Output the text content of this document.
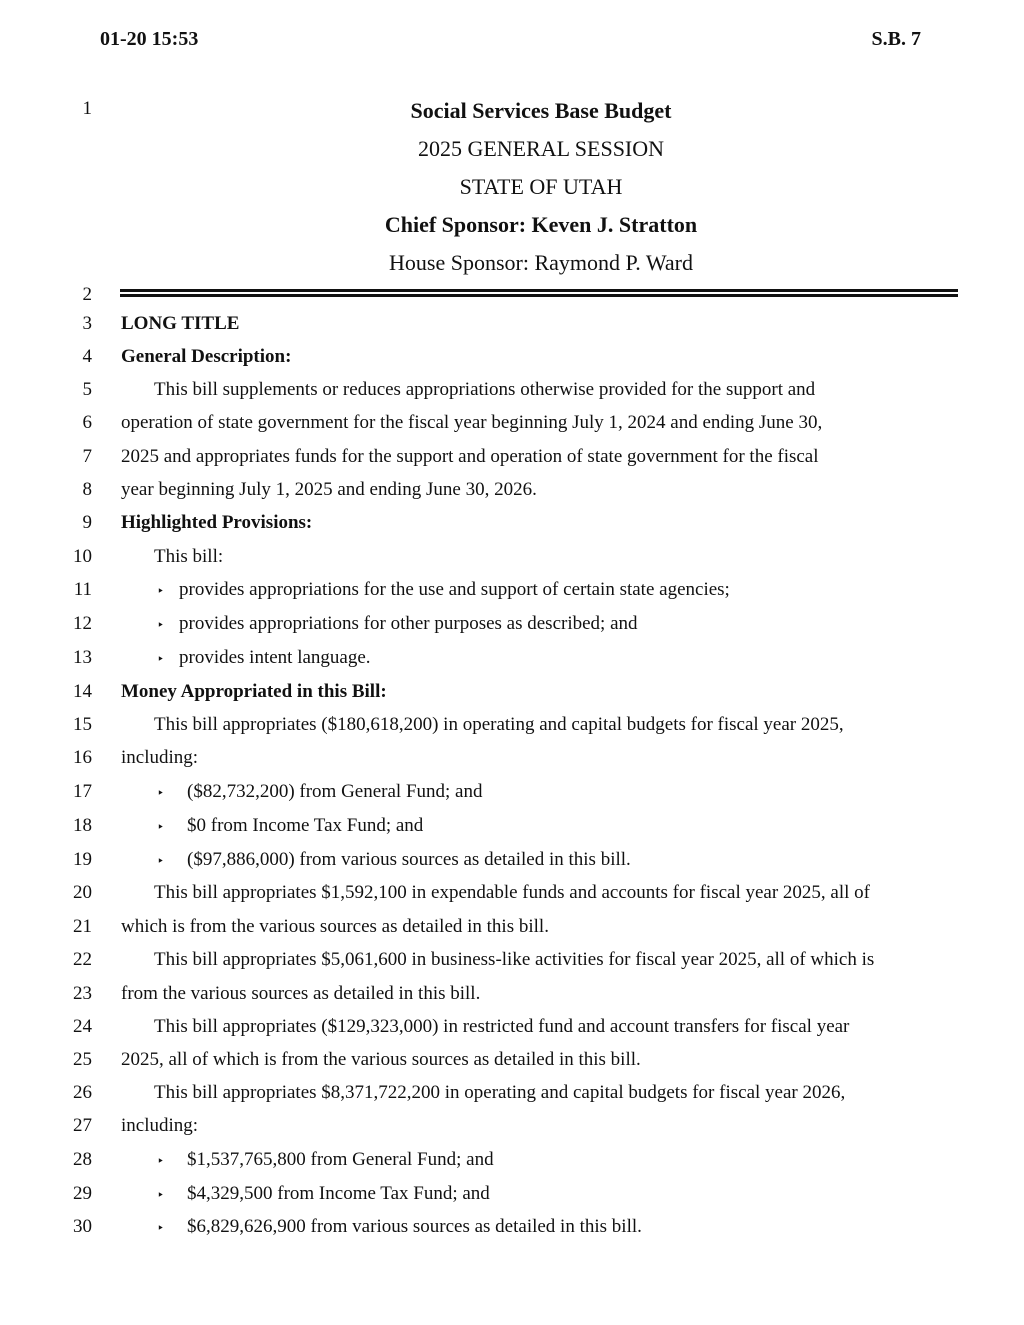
01-20 15:53	S.B. 7
1
2
3
4
5
6
7
8
9
10
11
12
13
14
15
16
17
18
19
20
21
22
23
24
25
26
27
28
29
30
Social Services Base Budget
2025 GENERAL SESSION
STATE OF UTAH
Chief Sponsor: Keven J. Stratton
House Sponsor: Raymond P. Ward
LONG TITLE
General Description:
This bill supplements or reduces appropriations otherwise provided for the support and
operation of state government for the fiscal year beginning July 1, 2024 and ending June 30,
2025 and appropriates funds for the support and operation of state government for the fiscal
year beginning July 1, 2025 and ending June 30, 2026.
Highlighted Provisions:
This bill:
‣ provides appropriations for the use and support of certain state agencies;
‣ provides appropriations for other purposes as described; and
‣ provides intent language.
Money Appropriated in this Bill:
This bill appropriates ($180,618,200) in operating and capital budgets for fiscal year 2025,
including:
‣ ($82,732,200) from General Fund; and
‣ $0 from Income Tax Fund; and
‣ ($97,886,000) from various sources as detailed in this bill.
This bill appropriates $1,592,100 in expendable funds and accounts for fiscal year 2025, all of
which is from the various sources as detailed in this bill.
This bill appropriates $5,061,600 in business-like activities for fiscal year 2025, all of which is
from the various sources as detailed in this bill.
This bill appropriates ($129,323,000) in restricted fund and account transfers for fiscal year
2025, all of which is from the various sources as detailed in this bill.
This bill appropriates $8,371,722,200 in operating and capital budgets for fiscal year 2026,
including:
‣ $1,537,765,800 from General Fund; and
‣ $4,329,500 from Income Tax Fund; and
‣ $6,829,626,900 from various sources as detailed in this bill.
